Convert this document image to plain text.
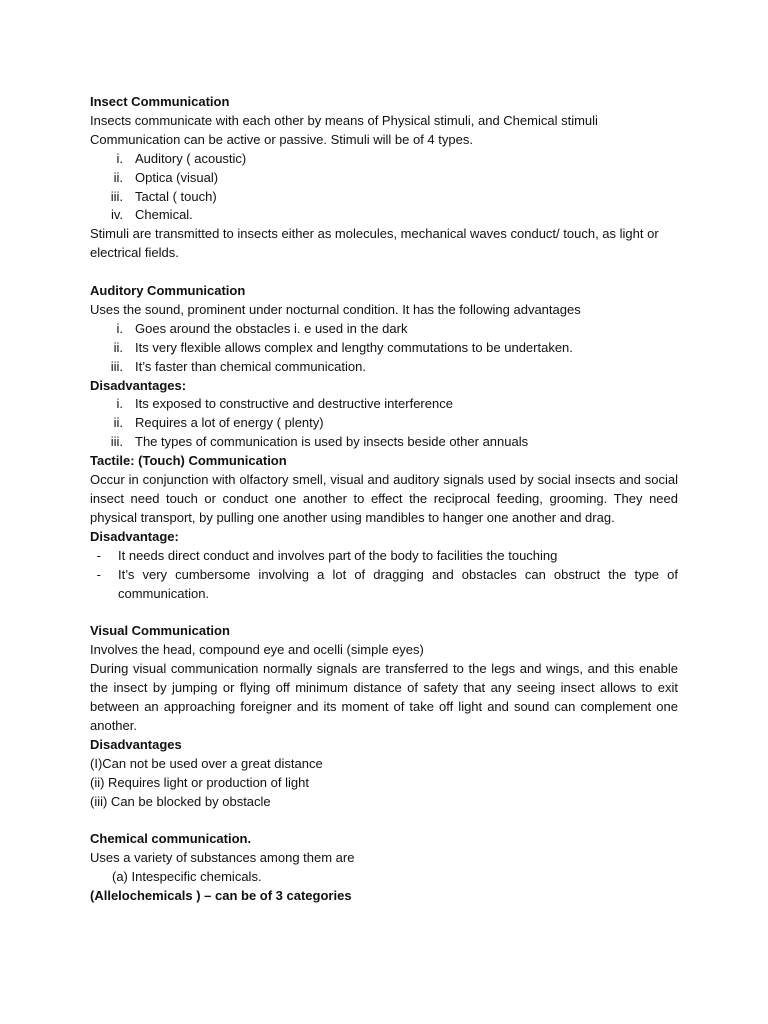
Insect Communication

Insects communicate with each other by means of Physical stimuli, and Chemical stimuli

Communication can be active or passive. Stimuli will be of 4 types.

i. Auditory ( acoustic)
ii. Optica (visual)
iii. Tactal ( touch)
iv. Chemical.

Stimuli are transmitted to insects either as molecules, mechanical waves conduct/ touch, as light or electrical fields.

Auditory Communication

Uses the sound, prominent under nocturnal condition. It has the following advantages

i. Goes around the obstacles i. e used in the dark
ii. Its very flexible allows complex and lengthy commutations to be undertaken.
iii. It’s faster than chemical communication.

Disadvantages:

i. Its exposed to constructive and destructive interference
ii. Requires a lot of energy ( plenty)
iii. The types of communication is used by insects beside other annuals

Tactile: (Touch) Communication

Occur in conjunction with olfactory smell, visual and auditory signals used by social insects and social insect need touch or conduct one another to effect the reciprocal feeding, grooming. They need physical transport, by pulling one another using mandibles to hanger one another and drag.

Disadvantage:

-	It needs direct conduct and involves part of the body to facilities the touching
-	It’s very cumbersome involving a lot of dragging and obstacles can obstruct the type of communication.

Visual Communication

Involves the head, compound eye and ocelli (simple eyes)

During visual communication normally signals are transferred to the legs and wings, and this enable the insect by jumping or flying off minimum distance of safety that any seeing insect allows to exit between an approaching foreigner and its moment of take off light and sound can complement one another.

Disadvantages

(I)Can not be used over a great distance

(ii) Requires light or production of light

(iii) Can be blocked by obstacle

Chemical communication.

Uses a variety of substances among them are

(a) Intespecific chemicals.

(Allelochemicals ) – can be of 3 categories
